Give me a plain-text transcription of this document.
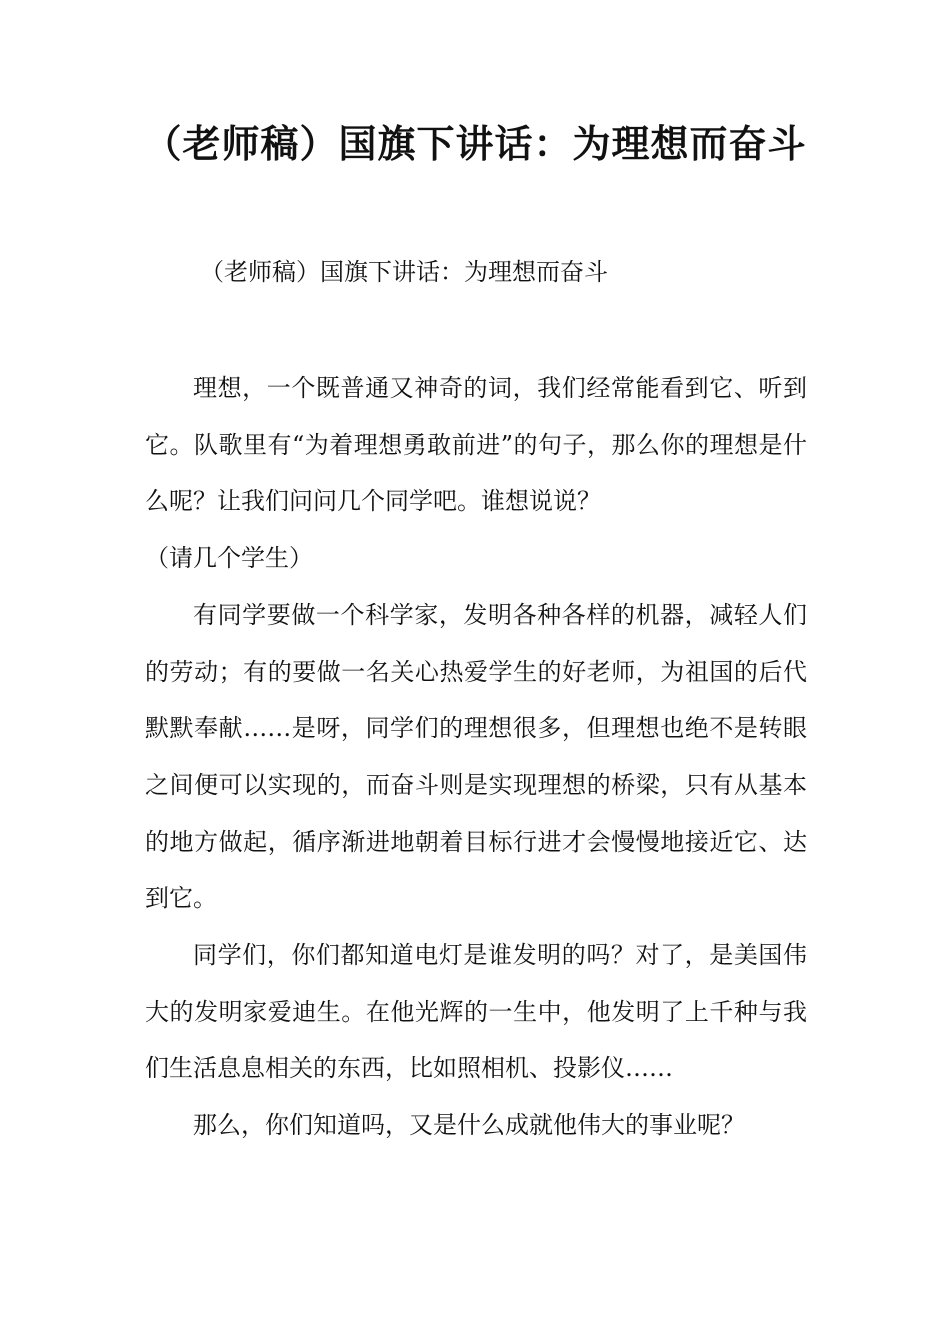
（老师稿）国旗下讲话：为理想而奋斗

（老师稿）国旗下讲话：为理想而奋斗

理想，一个既普通又神奇的词，我们经常能看到它、听到它。队歌里有“为着理想勇敢前进”的句子，那么你的理想是什么呢？让我们问问几个同学吧。谁想说说？

（请几个学生）

有同学要做一个科学家，发明各种各样的机器，减轻人们的劳动；有的要做一名关心热爱学生的好老师，为祖国的后代默默奉献……是呀，同学们的理想很多，但理想也绝不是转眼之间便可以实现的，而奋斗则是实现理想的桥梁，只有从基本的地方做起，循序渐进地朝着目标行进才会慢慢地接近它、达到它。

同学们，你们都知道电灯是谁发明的吗？对了，是美国伟大的发明家爱迪生。在他光辉的一生中，他发明了上千种与我们生活息息相关的东西，比如照相机、投影仪……

那么，你们知道吗，又是什么成就他伟大的事业呢？
